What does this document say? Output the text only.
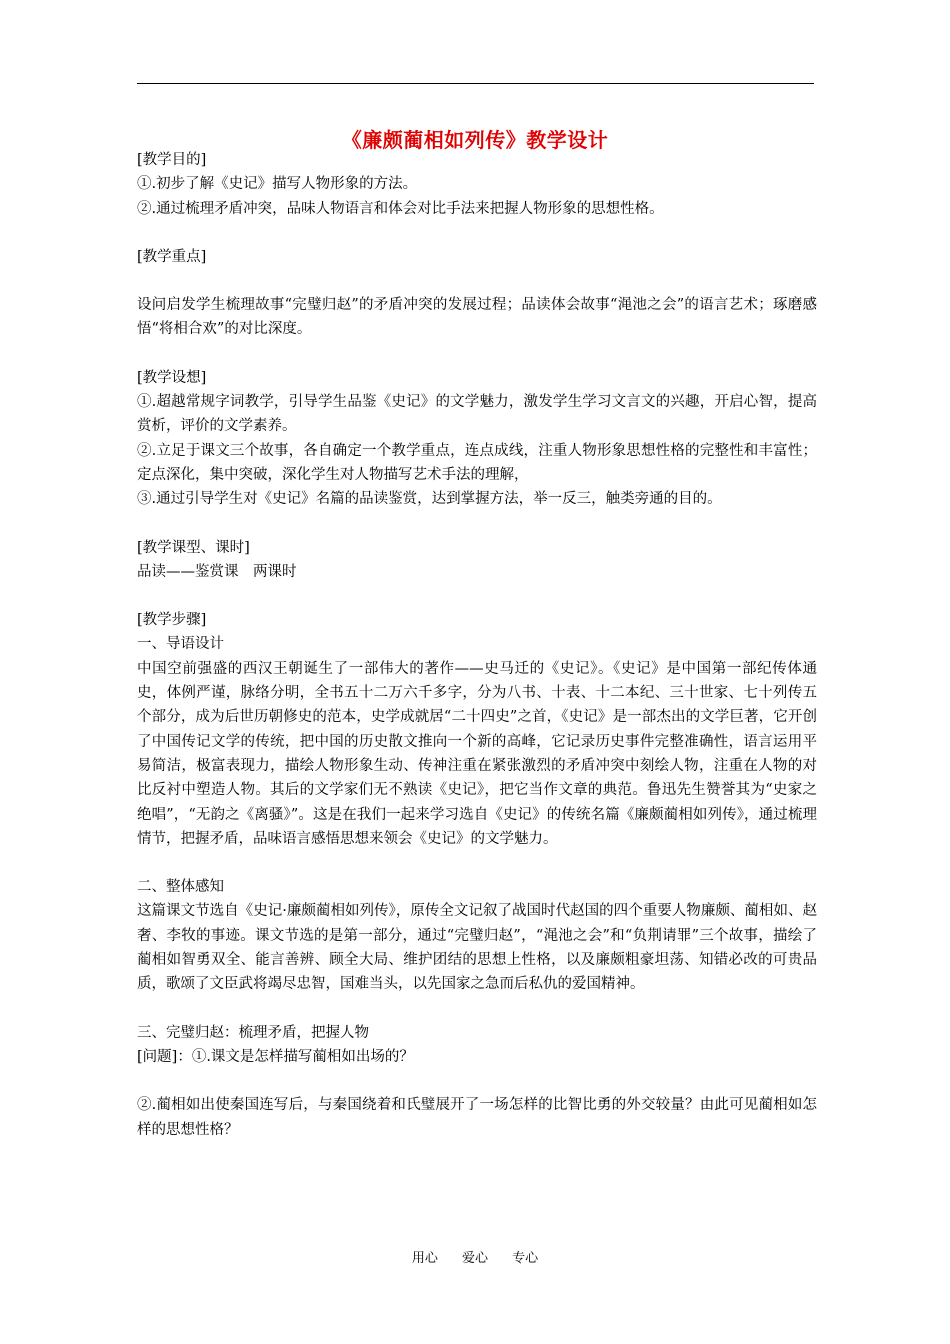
《廉颇蔺相如列传》教学设计

[教学目的]

①.初步了解《史记》描写人物形象的方法。

②.通过梳理矛盾冲突，品味人物语言和体会对比手法来把握人物形象的思想性格。

[教学重点]

设问启发学生梳理故事“完璧归赵”的矛盾冲突的发展过程；品读体会故事“渑池之会”的语言艺术；琢磨感悟“将相合欢”的对比深度。

[教学设想]

①.超越常规字词教学，引导学生品鉴《史记》的文学魅力，激发学生学习文言文的兴趣，开启心智，提高赏析，评价的文学素养。

②.立足于课文三个故事，各自确定一个教学重点，连点成线，注重人物形象思想性格的完整性和丰富性；定点深化，集中突破，深化学生对人物描写艺术手法的理解，

③.通过引导学生对《史记》名篇的品读鉴赏，达到掌握方法，举一反三，触类旁通的目的。

[教学课型、课时]

品读——鉴赏课　两课时

[教学步骤]

一、导语设计

中国空前强盛的西汉王朝诞生了一部伟大的著作——史马迁的《史记》。《史记》是中国第一部纪传体通史，体例严谨，脉络分明，全书五十二万六千多字，分为八书、十表、十二本纪、三十世家、七十列传五个部分，成为后世历朝修史的范本，史学成就居“二十四史”之首，《史记》是一部杰出的文学巨著，它开创了中国传记文学的传统，把中国的历史散文推向一个新的高峰，它记录历史事件完整准确性，语言运用平易简洁，极富表现力，描绘人物形象生动、传神注重在紧张激烈的矛盾冲突中刻绘人物，注重在人物的对比反衬中塑造人物。其后的文学家们无不熟读《史记》，把它当作文章的典范。鲁迅先生赞誉其为“史家之绝唱”，“无韵之《离骚》”。这是在我们一起来学习选自《史记》的传统名篇《廉颇蔺相如列传》，通过梳理情节，把握矛盾，品味语言感悟思想来领会《史记》的文学魅力。

二、整体感知

这篇课文节选自《史记·廉颇蔺相如列传》，原传全文记叙了战国时代赵国的四个重要人物廉颇、蔺相如、赵奢、李牧的事迹。课文节选的是第一部分，通过“完璧归赵”，“渑池之会”和“负荆请罪”三个故事，描绘了蔺相如智勇双全、能言善辨、顾全大局、维护团结的思想上性格，以及廉颇粗豪坦荡、知错必改的可贵品质，歌颂了文臣武将竭尽忠智，国难当头，以先国家之急而后私仇的爱国精神。

三、完璧归赵：梳理矛盾，把握人物

[问题]：①.课文是怎样描写蔺相如出场的？

②.蔺相如出使秦国连写后，与秦国绕着和氏璧展开了一场怎样的比智比勇的外交较量？由此可见蔺相如怎样的思想性格？

用心 爱心 专心
